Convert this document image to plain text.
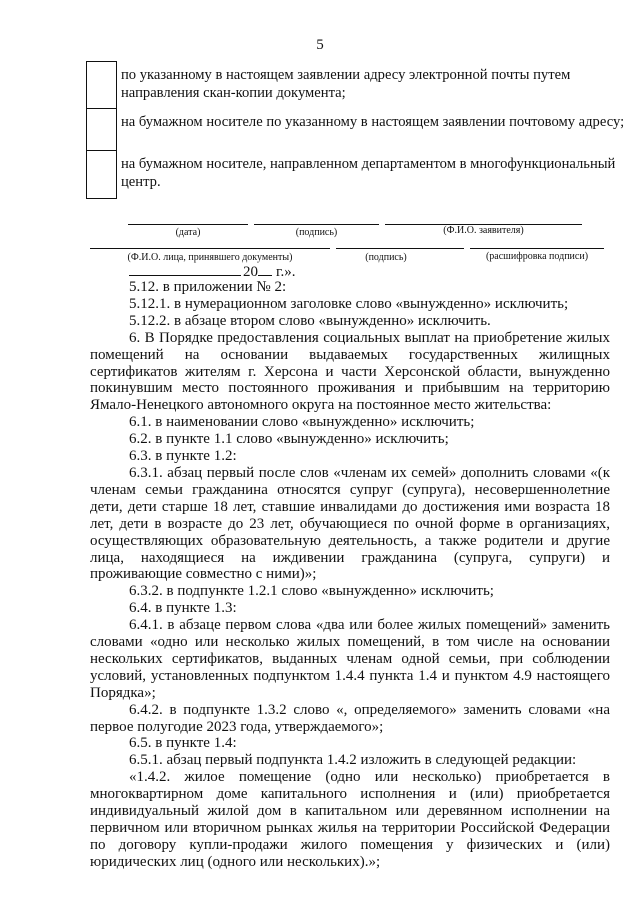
5
	по указанному в настоящем заявлении адресу электронной почты путем направления скан-копии документа;
	на бумажном носителе по указанному в настоящем заявлении почтовому адресу;
	на бумажном носителе, направленном департаментом в многофункциональный центр.
(дата)	(подпись)	(Ф.И.О. заявителя)
(Ф.И.О. лица, принявшего документы)	(подпись)	(расшифровка подписи)
20 г.».

5.12. в приложении № 2:

5.12.1. в нумерационном заголовке слово «вынужденно» исключить;

5.12.2. в абзаце втором слово «вынужденно» исключить.

6. В Порядке предоставления социальных выплат на приобретение жилых помещений на основании выдаваемых государственных жилищных сертификатов жителям г. Херсона и части Херсонской области, вынужденно покинувшим место постоянного проживания и прибывшим на территорию Ямало-Ненецкого автономного округа на постоянное место жительства:

6.1. в наименовании слово «вынужденно» исключить;

6.2. в пункте 1.1 слово «вынужденно» исключить;

6.3. в пункте 1.2:

6.3.1. абзац первый после слов «членам их семей» дополнить словами «(к членам семьи гражданина относятся супруг (супруга), несовершеннолетние дети, дети старше 18 лет, ставшие инвалидами до достижения ими возраста 18 лет, дети в возрасте до 23 лет, обучающиеся по очной форме в организациях, осуществляющих образовательную деятельность, а также родители и другие лица, находящиеся на иждивении гражданина (супруга, супруги) и проживающие совместно с ними)»;

6.3.2. в подпункте 1.2.1 слово «вынужденно» исключить;

6.4. в пункте 1.3:

6.4.1. в абзаце первом слова «два или более жилых помещений» заменить словами «одно или несколько жилых помещений, в том числе на основании нескольких сертификатов, выданных членам одной семьи, при соблюдении условий, установленных подпунктом 1.4.4 пункта 1.4 и пунктом 4.9 настоящего Порядка»;

6.4.2. в подпункте 1.3.2 слово «, определяемого» заменить словами «на первое полугодие 2023 года, утверждаемого»;

6.5. в пункте 1.4:

6.5.1. абзац первый подпункта 1.4.2 изложить в следующей редакции:

«1.4.2. жилое помещение (одно или несколько) приобретается в многоквартирном доме капитального исполнения и (или) приобретается индивидуальный жилой дом в капитальном или деревянном исполнении на первичном или вторичном рынках жилья на территории Российской Федерации по договору купли-продажи жилого помещения у физических и (или) юридических лиц (одного или нескольких).»;
